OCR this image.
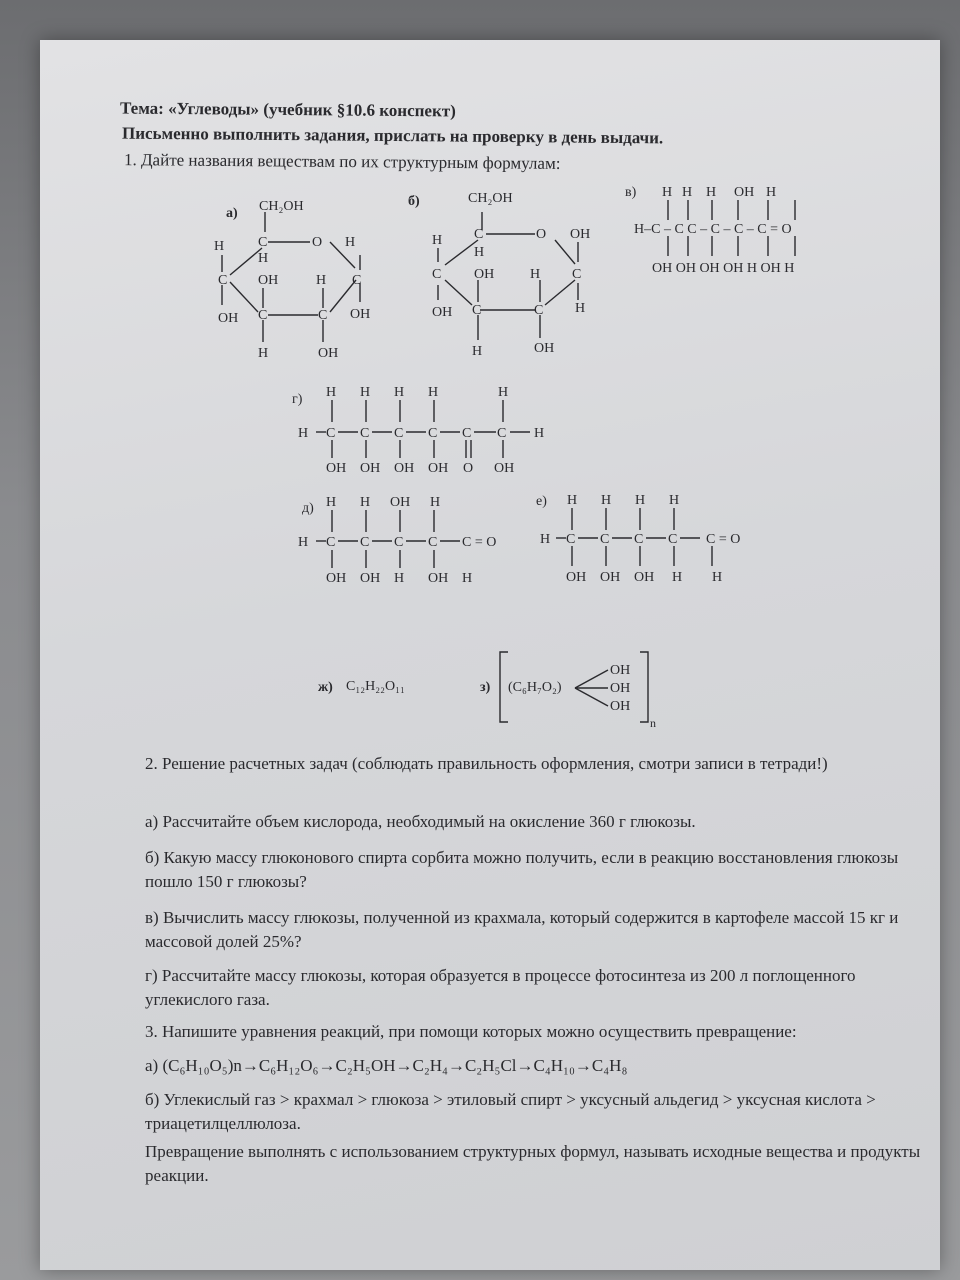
Тема: «Углеводы» (учебник §10.6 конспект)
Письменно выполнить задания, прислать на проверку в день выдачи.
1. Дайте названия веществам по их структурным формулам:
CH₂OH
C	O H
H
H
C OH	H C
OH C	C OH
H	OH
CH₂OH
C	O OH
H
H
C OH	H C
OH C	C H
H	OH
в) H H H OH H
H–C – C C – C – C – C = O
OH OH OH OH H OH H
г) H H H H	H
H C C C C C C H
OH OH OH OH O OH
д) H H OH H
H C C C C C = O
OH OH H OH H
е) H H H H
H C C C C C = O
OH OH OH H H
OH
OH
OH
а)
б)
ж) C₁₂H₂₂O₁₁	з) (C₆H₇O₂)
n
2. Решение расчетных задач (соблюдать правильность оформления, смотри записи в тетради!)
а) Рассчитайте объем кислорода, необходимый на окисление 360 г глюкозы.
б) Какую массу глюконового спирта сорбита можно получить, если в реакцию восстановления глюкозы пошло 150 г глюкозы?
в) Вычислить массу глюкозы, полученной из крахмала, который содержится в картофеле массой 15 кг и массовой долей 25%?
г) Рассчитайте массу глюкозы, которая образуется в процессе фотосинтеза из 200 л поглощенного углекислого газа.
3. Напишите уравнения реакций, при помощи которых можно осуществить превращение:
а) (C₆H₁₀O₅)n→C₆H₁₂O₆→C₂H₅OH→C₂H₄→C₂H₅Cl→C₄H₁₀→C₄H₈
б) Углекислый газ > крахмал > глюкоза > этиловый спирт > уксусный альдегид > уксусная кислота > триацетилцеллюлоза.
Превращение выполнять с использованием структурных формул, называть исходные вещества и продукты реакции.
